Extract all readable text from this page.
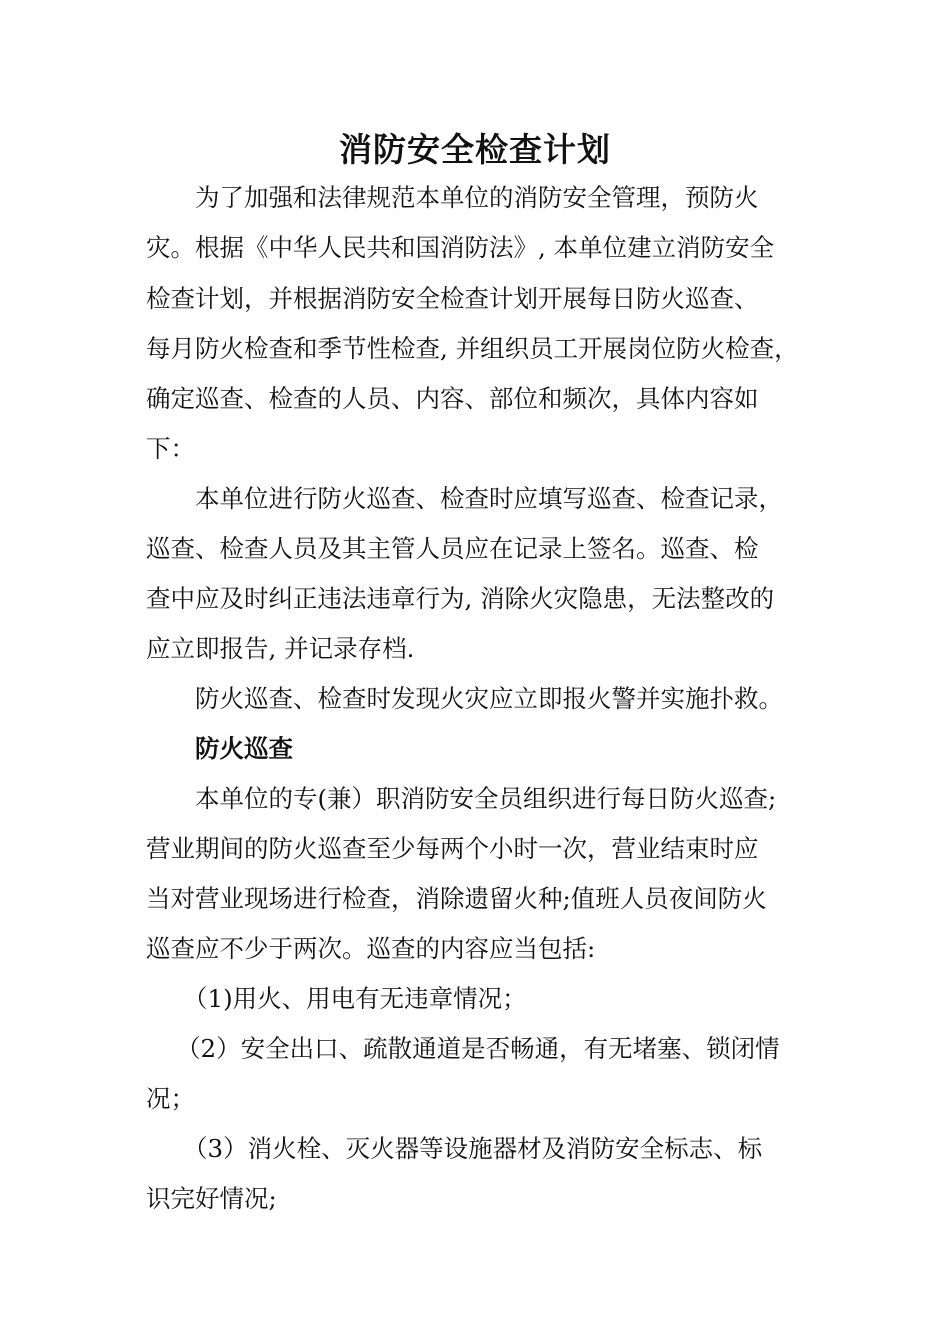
消防安全检查计划
为了加强和法律规范本单位的消防安全管理，预防火
灾。根据《中华人民共和国消防法》, 本单位建立消防安全
检查计划，并根据消防安全检查计划开展每日防火巡查、
每月防火检查和季节性检查, 并组织员工开展岗位防火检查，
确定巡查、检查的人员、内容、部位和频次，具体内容如
下：
本单位进行防火巡查、检查时应填写巡查、检查记录，
巡查、检查人员及其主管人员应在记录上签名。巡查、检
查中应及时纠正违法违章行为, 消除火灾隐患，无法整改的
应立即报告, 并记录存档.
防火巡查、检查时发现火灾应立即报火警并实施扑救。
防火巡查
本单位的专(兼）职消防安全员组织进行每日防火巡查;
营业期间的防火巡查至少每两个小时一次，营业结束时应
当对营业现场进行检查，消除遗留火种;值班人员夜间防火
巡查应不少于两次。巡查的内容应当包括:
（1)用火、用电有无违章情况；
（2）安全出口、疏散通道是否畅通，有无堵塞、锁闭情
况；
（3）消火栓、灭火器等设施器材及消防安全标志、标
识完好情况;
